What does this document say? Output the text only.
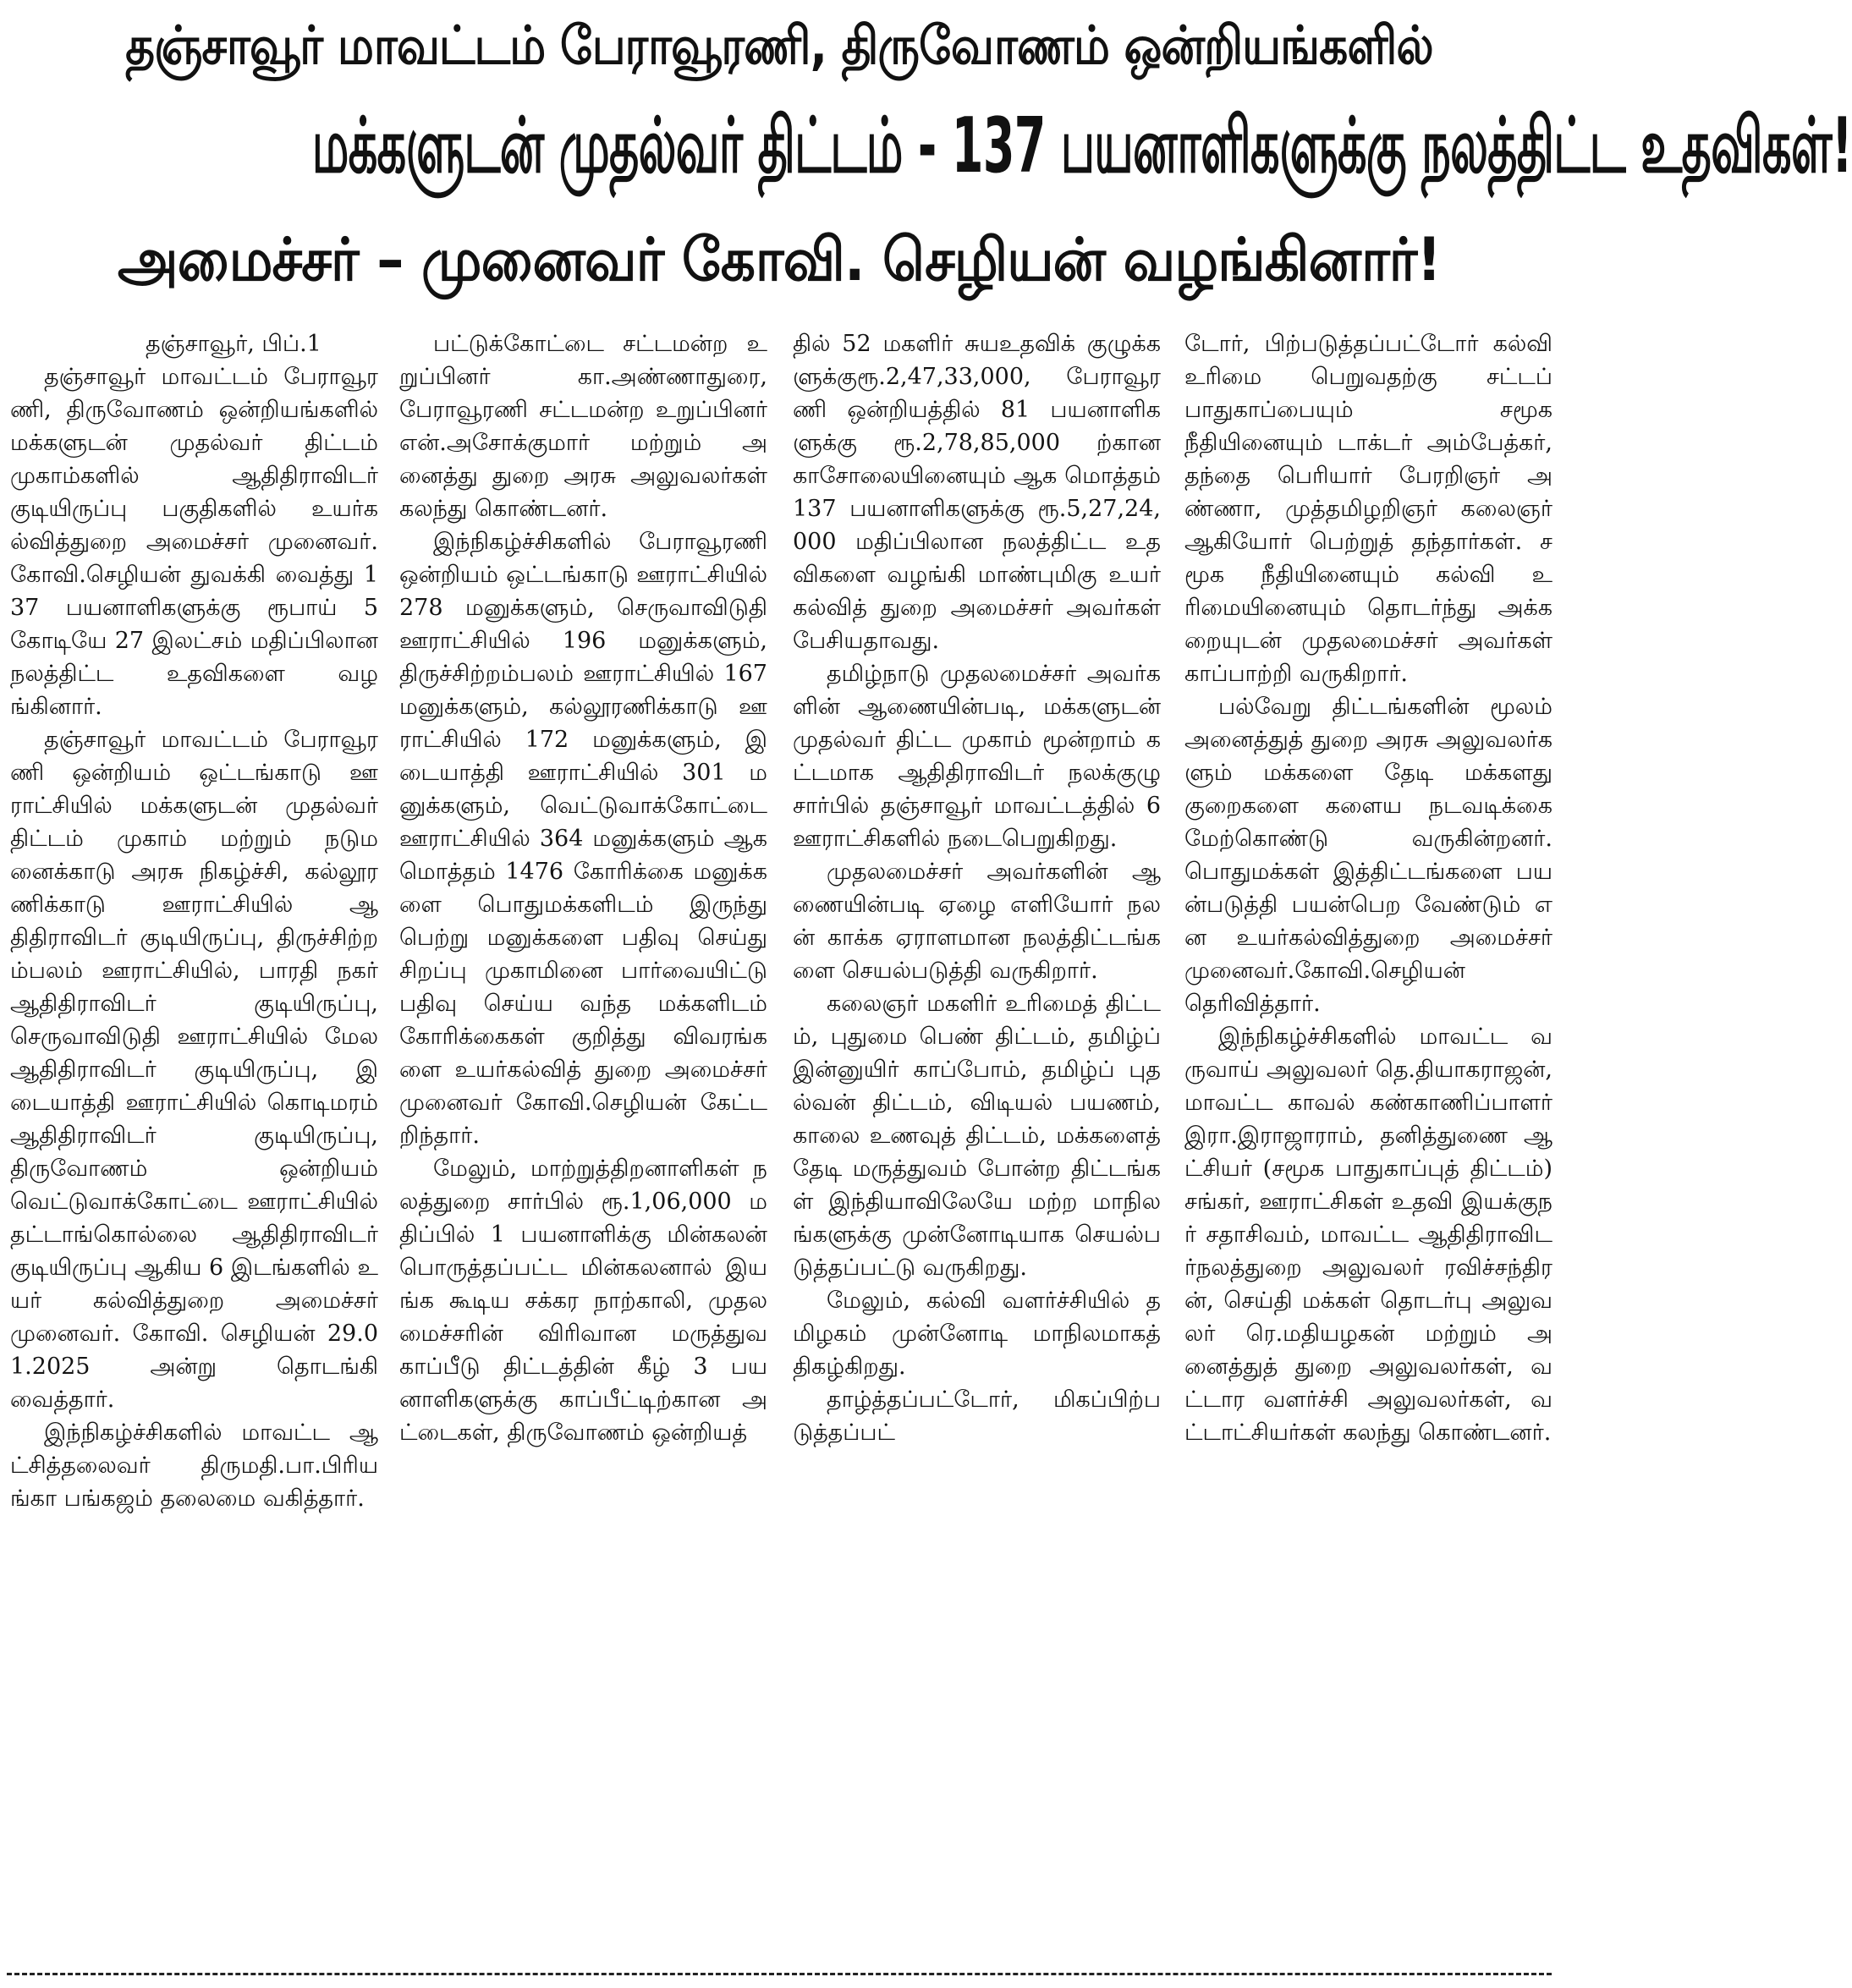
தஞ்சாவூர் மாவட்டம் பேராவூரணி, திருவோணம் ஒன்றியங்களில்
மக்களுடன் முதல்வர் திட்டம் - 137 பயனாளிகளுக்கு நலத்திட்ட உதவிகள்!
அமைச்சர் – முனைவர் கோவி. செழியன் வழங்கினார்!

தஞ்சாவூர், பிப்.1

தஞ்சாவூர் மாவட்டம் பேராவூரணி, திருவோணம் ஒன்றியங்களில் மக்களுடன் முதல்வர் திட்டம் முகாம்களில் ஆதிதிராவிடர் குடியிருப்பு பகுதிகளில் உயர்கல்வித்துறை அமைச்சர் முனைவர். கோவி.செழியன் துவக்கி வைத்து 137 பயனாளிகளுக்கு ரூபாய் 5 கோடியே 27 இலட்சம் மதிப்பிலான நலத்திட்ட உதவிகளை வழங்கினார்.

தஞ்சாவூர் மாவட்டம் பேராவூரணி ஒன்றியம் ஒட்டங்காடு ஊராட்சியில் மக்களுடன் முதல்வர் திட்டம் முகாம் மற்றும் நடுமனைக்காடு அரசு நிகழ்ச்சி, கல்லூரணிக்காடு ஊராட்சியில் ஆதிதிராவிடர் குடியிருப்பு, திருச்சிற்றம்பலம் ஊராட்சியில், பாரதி நகர் ஆதிதிராவிடர் குடியிருப்பு, செருவாவிடுதி ஊராட்சியில் மேல ஆதிதிராவிடர் குடியிருப்பு, இடையாத்தி ஊராட்சியில் கொடிமரம் ஆதிதிராவிடர் குடியிருப்பு, திருவோணம் ஒன்றியம் வெட்டுவாக்கோட்டை ஊராட்சியில் தட்டாங்கொல்லை ஆதிதிராவிடர் குடியிருப்பு ஆகிய 6 இடங்களில் உயர் கல்வித்துறை அமைச்சர் முனைவர். கோவி. செழியன் 29.01.2025 அன்று தொடங்கி வைத்தார்.

இந்நிகழ்ச்சிகளில் மாவட்ட ஆட்சித்தலைவர் திருமதி.பா.பிரியங்கா பங்கஜம் தலைமை வகித்தார்.

பட்டுக்கோட்டை சட்டமன்ற உறுப்பினர் கா.அண்ணாதுரை, பேராவூரணி சட்டமன்ற உறுப்பினர் என்.அசோக்குமார் மற்றும் அனைத்து துறை அரசு அலுவலர்கள் கலந்து கொண்டனர்.

இந்நிகழ்ச்சிகளில் பேராவூரணி ஒன்றியம் ஒட்டங்காடு ஊராட்சியில் 278 மனுக்களும், செருவாவிடுதி ஊராட்சியில் 196 மனுக்களும், திருச்சிற்றம்பலம் ஊராட்சியில் 167 மனுக்களும், கல்லூரணிக்காடு ஊராட்சியில் 172 மனுக்களும், இடையாத்தி ஊராட்சியில் 301 மனுக்களும், வெட்டுவாக்கோட்டை ஊராட்சியில் 364 மனுக்களும் ஆக மொத்தம் 1476 கோரிக்கை மனுக்களை பொதுமக்களிடம் இருந்து பெற்று மனுக்களை பதிவு செய்து சிறப்பு முகாமினை பார்வையிட்டு பதிவு செய்ய வந்த மக்களிடம் கோரிக்கைகள் குறித்து விவரங்களை உயர்கல்வித் துறை அமைச்சர் முனைவர் கோவி.செழியன் கேட்டறிந்தார்.

மேலும், மாற்றுத்திறனாளிகள் நலத்துறை சார்பில் ரூ.1,06,000 மதிப்பில் 1 பயனாளிக்கு மின்கலன் பொருத்தப்பட்ட மின்கலனால் இயங்க கூடிய சக்கர நாற்காலி, முதலமைச்சரின் விரிவான மருத்துவ காப்பீடு திட்டத்தின் கீழ் 3 பயனாளிகளுக்கு காப்பீட்டிற்கான அட்டைகள், திருவோணம் ஒன்றியத்

தில் 52 மகளிர் சுயஉதவிக் குழுக்களுக்குரூ.2,47,33,000, பேராவூரணி ஒன்றியத்தில் 81 பயனாளிகளுக்கு ரூ.2,78,85,000 ற்கான காசோலையினையும் ஆக மொத்தம் 137 பயனாளிகளுக்கு ரூ.5,27,24,000 மதிப்பிலான நலத்திட்ட உதவிகளை வழங்கி மாண்புமிகு உயர் கல்வித் துறை அமைச்சர் அவர்கள் பேசியதாவது.

தமிழ்நாடு முதலமைச்சர் அவர்களின் ஆணையின்படி, மக்களுடன் முதல்வர் திட்ட முகாம் மூன்றாம் கட்டமாக ஆதிதிராவிடர் நலக்குழு சார்பில் தஞ்சாவூர் மாவட்டத்தில் 6 ஊராட்சிகளில் நடைபெறுகிறது.

முதலமைச்சர் அவர்களின் ஆணையின்படி ஏழை எளியோர் நலன் காக்க ஏராளமான நலத்திட்டங்களை செயல்படுத்தி வருகிறார்.

கலைஞர் மகளிர் உரிமைத் திட்டம், புதுமை பெண் திட்டம், தமிழ்ப் இன்னுயிர் காப்போம், தமிழ்ப் புதல்வன் திட்டம், விடியல் பயணம், காலை உணவுத் திட்டம், மக்களைத் தேடி மருத்துவம் போன்ற திட்டங்கள் இந்தியாவிலேயே மற்ற மாநிலங்களுக்கு முன்னோடியாக செயல்படுத்தப்பட்டு வருகிறது.

மேலும், கல்வி வளர்ச்சியில் தமிழகம் முன்னோடி மாநிலமாகத் திகழ்கிறது.

தாழ்த்தப்பட்டோர், மிகப்பிற்படுத்தப்பட்

டோர், பிற்படுத்தப்பட்டோர் கல்வி உரிமை பெறுவதற்கு சட்டப் பாதுகாப்பையும் சமூக நீதியினையும் டாக்டர் அம்பேத்கர், தந்தை பெரியார் பேரறிஞர் அண்ணா, முத்தமிழறிஞர் கலைஞர் ஆகியோர் பெற்றுத் தந்தார்கள். சமூக நீதியினையும் கல்வி உரிமையினையும் தொடர்ந்து அக்கறையுடன் முதலமைச்சர் அவர்கள் காப்பாற்றி வருகிறார்.

பல்வேறு திட்டங்களின் மூலம் அனைத்துத் துறை அரசு அலுவலர்களும் மக்களை தேடி மக்களது குறைகளை களைய நடவடிக்கை மேற்கொண்டு வருகின்றனர். பொதுமக்கள் இத்திட்டங்களை பயன்படுத்தி பயன்பெற வேண்டும் என உயர்கல்வித்துறை அமைச்சர் முனைவர்.கோவி.செழியன் தெரிவித்தார்.

இந்நிகழ்ச்சிகளில் மாவட்ட வருவாய் அலுவலர் தெ.தியாகராஜன், மாவட்ட காவல் கண்காணிப்பாளர் இரா.இராஜாராம், தனித்துணை ஆட்சியர் (சமூக பாதுகாப்புத் திட்டம்) சங்கர், ஊராட்சிகள் உதவி இயக்குநர் சதாசிவம், மாவட்ட ஆதிதிராவிடர்நலத்துறை அலுவலர் ரவிச்சந்திரன், செய்தி மக்கள் தொடர்பு அலுவலர் ரெ.மதியழகன் மற்றும் அனைத்துத் துறை அலுவலர்கள், வட்டார வளர்ச்சி அலுவலர்கள், வட்டாட்சியர்கள் கலந்து கொண்டனர்.
